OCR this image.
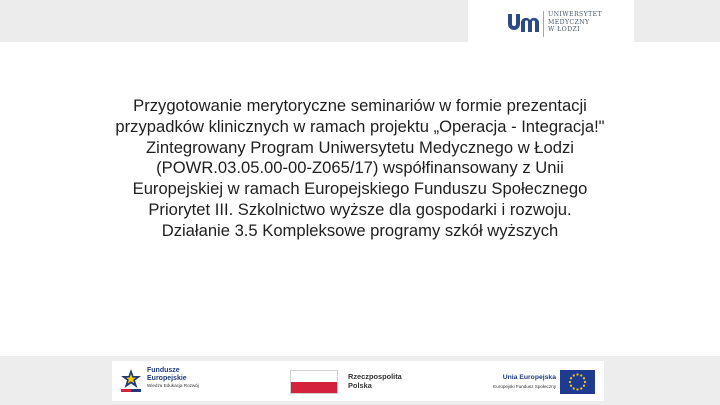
UNIWERSYTET
MEDYCZNY
W ŁODZI
Przygotowanie merytoryczne seminariów w formie prezentacji
przypadków klinicznych w ramach projektu „Operacja - Integracja!"
Zintegrowany Program Uniwersytetu Medycznego w Łodzi
(POWR.03.05.00-00-Z065/17) współfinansowany z Unii
Europejskiej w ramach Europejskiego Funduszu Społecznego
Priorytet III. Szkolnictwo wyższe dla gospodarki i rozwoju.
Działanie 3.5 Kompleksowe programy szkół wyższych
Fundusze
Europejskie
Wiedza Edukacja Rozwój
Rzeczpospolita
Polska
Unia Europejska
Europejski Fundusz Społeczny
